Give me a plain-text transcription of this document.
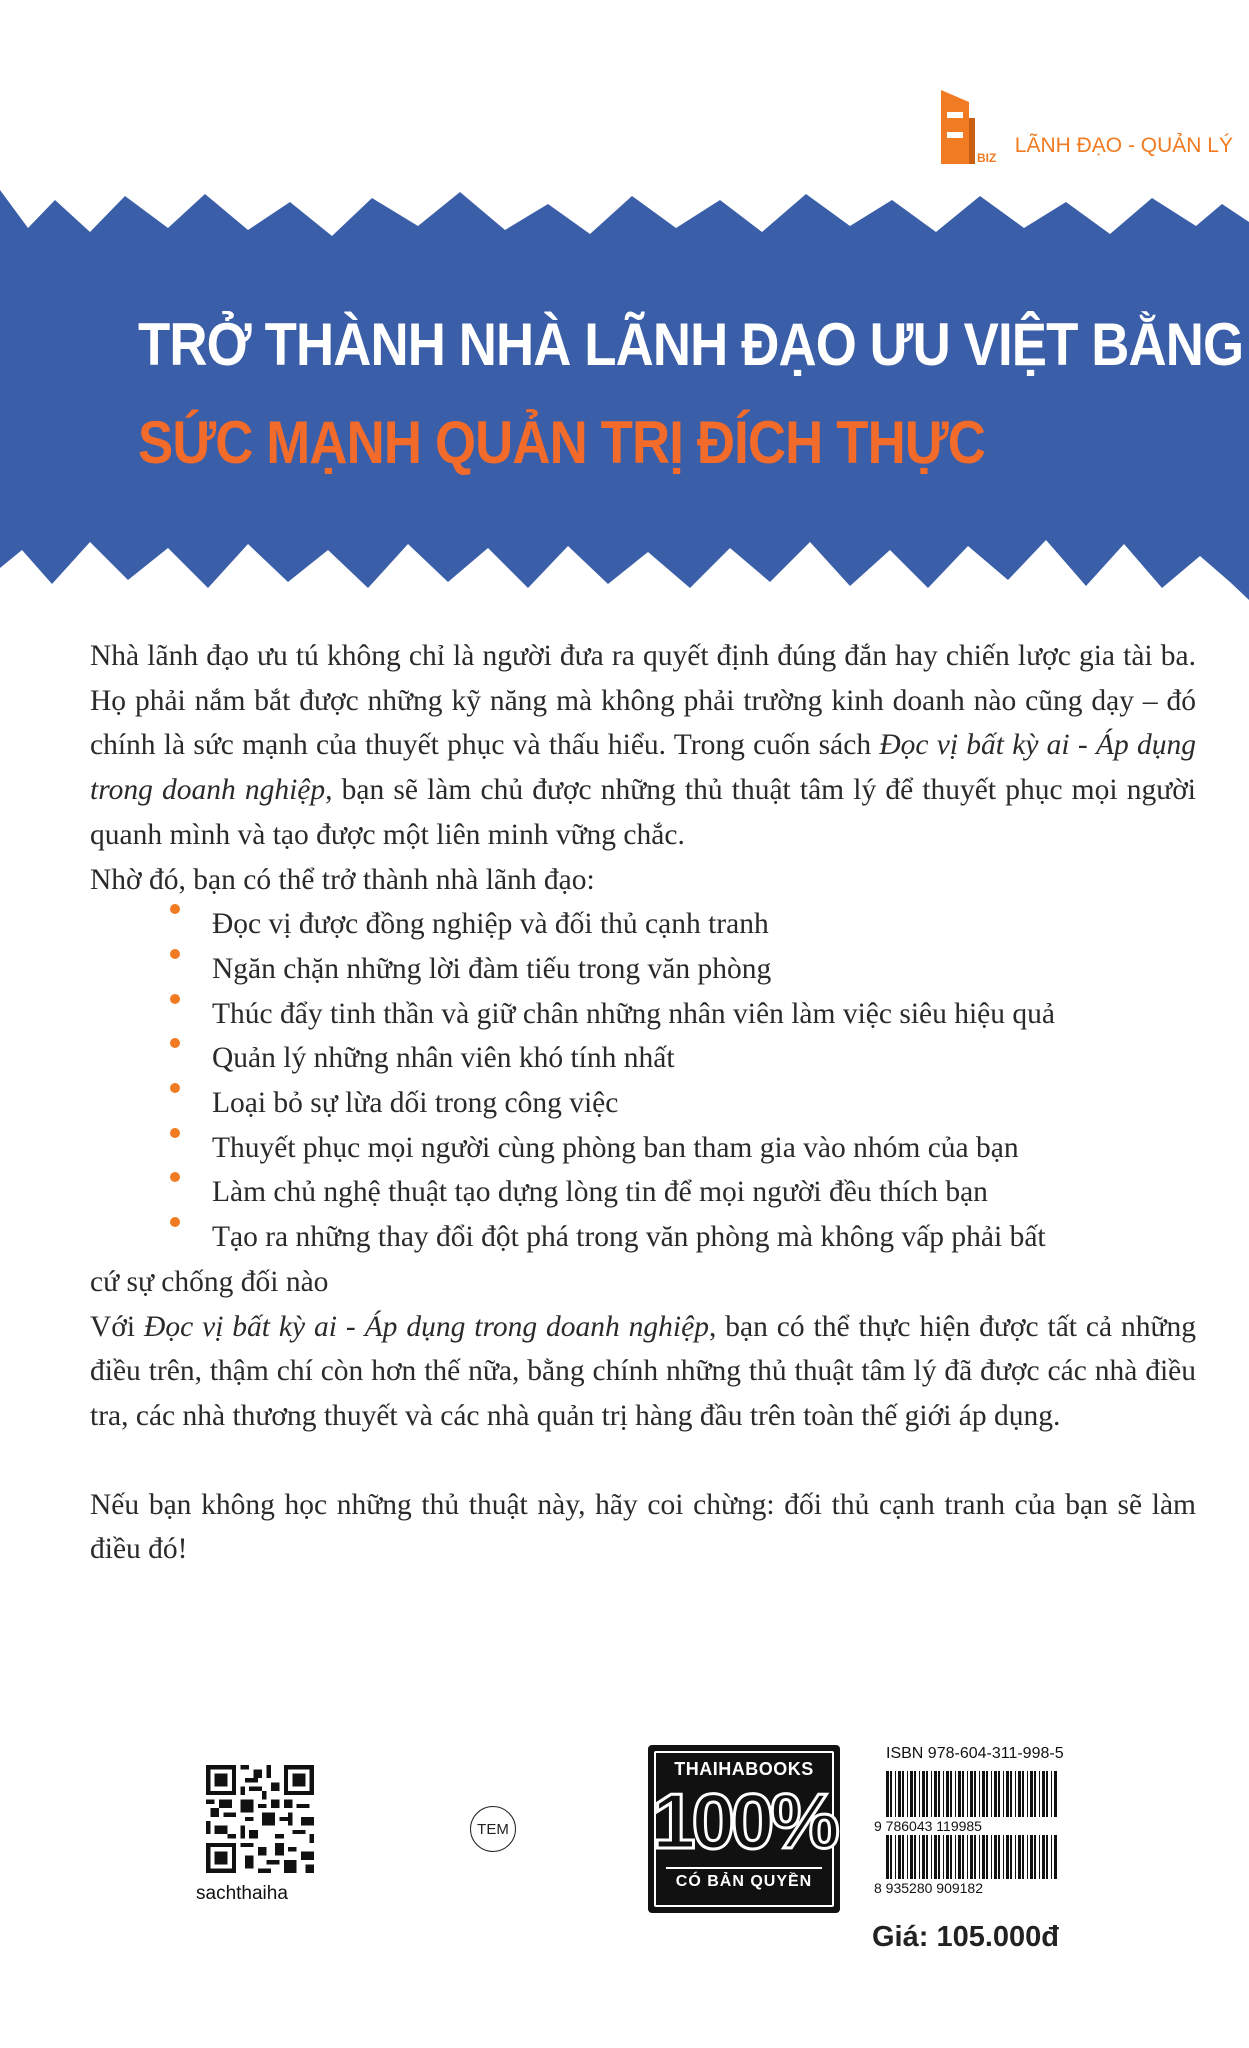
BIZ
LÃNH ĐẠO - QUẢN LÝ
TRỞ THÀNH NHÀ LÃNH ĐẠO ƯU VIỆT BẰNG
SỨC MẠNH QUẢN TRỊ ĐÍCH THỰC

Nhà lãnh đạo ưu tú không chỉ là người đưa ra quyết định đúng đắn hay chiến lược gia tài ba. Họ phải nắm bắt được những kỹ năng mà không phải trường kinh doanh nào cũng dạy – đó chính là sức mạnh của thuyết phục và thấu hiểu. Trong cuốn sách Đọc vị bất kỳ ai - Áp dụng trong doanh nghiệp, bạn sẽ làm chủ được những thủ thuật tâm lý để thuyết phục mọi người quanh mình và tạo được một liên minh vững chắc.

Nhờ đó, bạn có thể trở thành nhà lãnh đạo:

Đọc vị được đồng nghiệp và đối thủ cạnh tranh
Ngăn chặn những lời đàm tiếu trong văn phòng
Thúc đẩy tinh thần và giữ chân những nhân viên làm việc siêu hiệu quả
Quản lý những nhân viên khó tính nhất
Loại bỏ sự lừa dối trong công việc
Thuyết phục mọi người cùng phòng ban tham gia vào nhóm của bạn
Làm chủ nghệ thuật tạo dựng lòng tin để mọi người đều thích bạn
Tạo ra những thay đổi đột phá trong văn phòng mà không vấp phải bất

cứ sự chống đối nào

Với Đọc vị bất kỳ ai - Áp dụng trong doanh nghiệp, bạn có thể thực hiện được tất cả những điều trên, thậm chí còn hơn thế nữa, bằng chính những thủ thuật tâm lý đã được các nhà điều tra, các nhà thương thuyết và các nhà quản trị hàng đầu trên toàn thế giới áp dụng.

Nếu bạn không học những thủ thuật này, hãy coi chừng: đối thủ cạnh tranh của bạn sẽ làm điều đó!

sachthaiha
TEM
THAIHABOOKS
100%
CÓ BẢN QUYỀN
ISBN 978-604-311-998-5
9 786043 119985
8 935280 909182
Giá: 105.000đ
